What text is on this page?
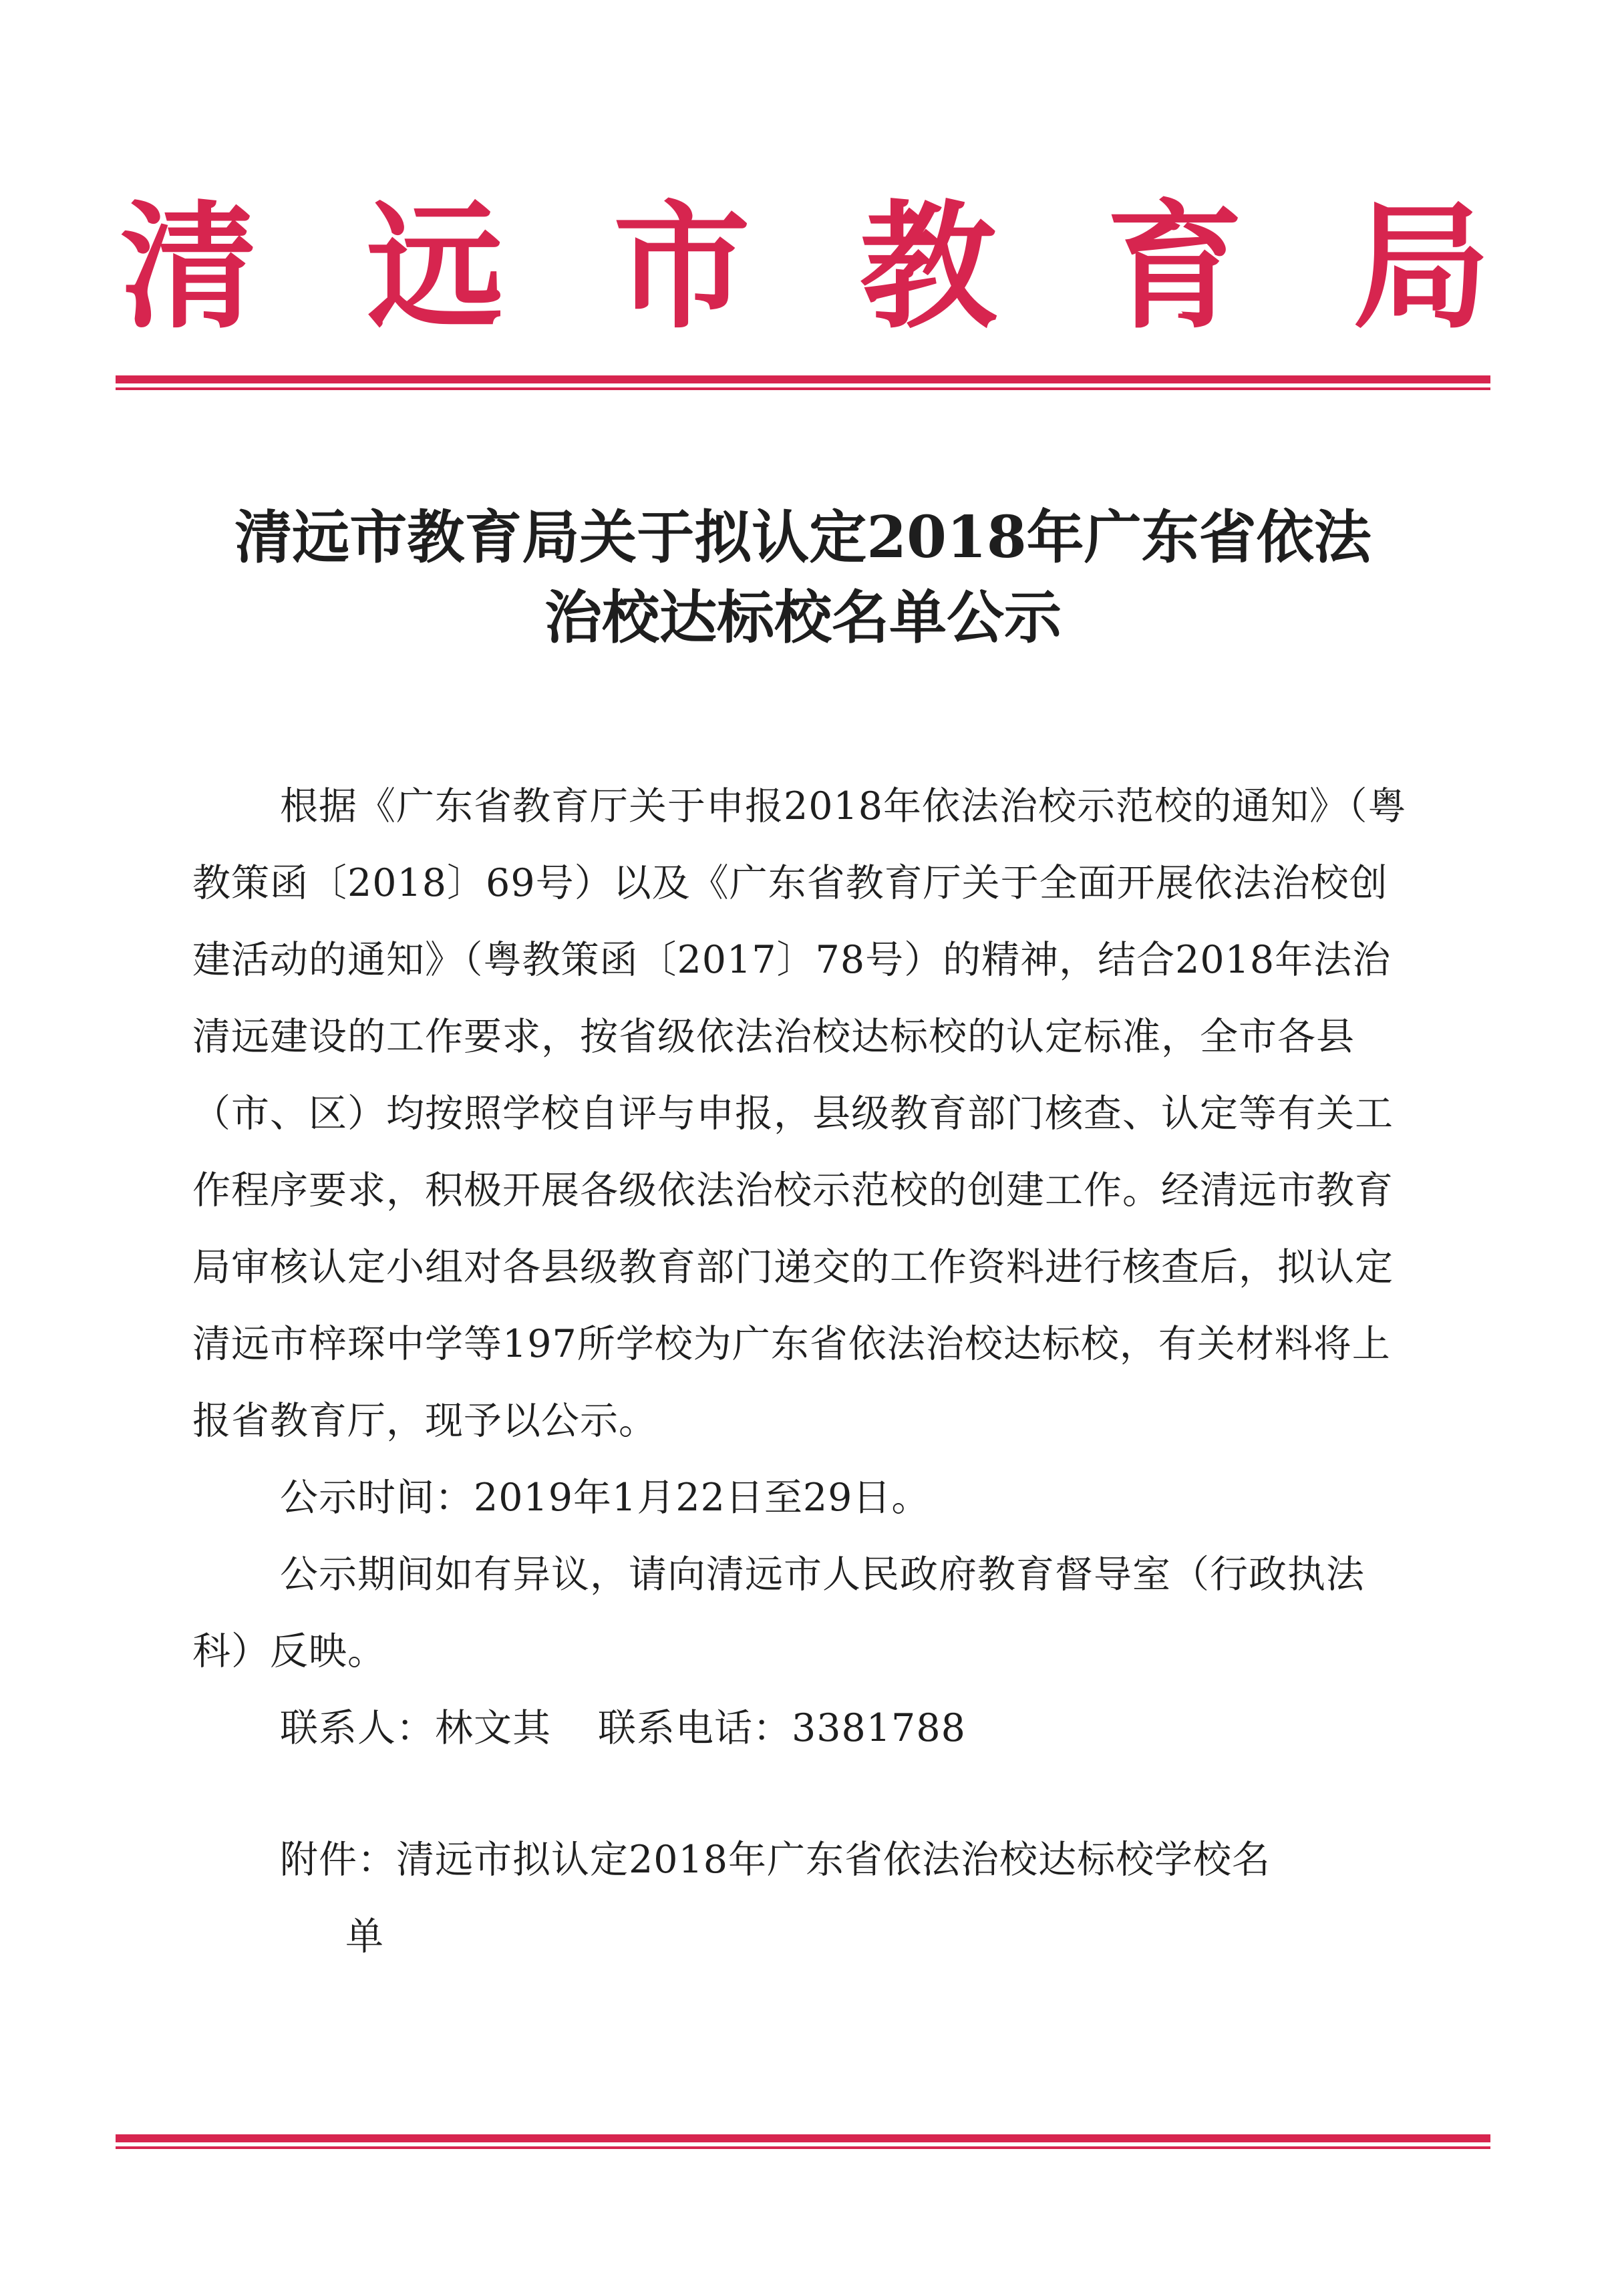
清 远 市 教 育 局
清远市教育局关于拟认定2018年广东省依法
治校达标校名单公示

根据《广东省教育厅关于申报2018年依法治校示范校的通知》（粤教策函〔2018〕69号）以及《广东省教育厅关于全面开展依法治校创建活动的通知》（粤教策函〔2017〕78号）的精神，结合2018年法治清远建设的工作要求，按省级依法治校达标校的认定标准，全市各县（市、区）均按照学校自评与申报，县级教育部门核查、认定等有关工作程序要求，积极开展各级依法治校示范校的创建工作。经清远市教育局审核认定小组对各县级教育部门递交的工作资料进行核查后，拟认定清远市梓琛中学等197所学校为广东省依法治校达标校，有关材料将上报省教育厅，现予以公示。

公示时间：2019年1月22日至29日。

公示期间如有异议，请向清远市人民政府教育督导室（行政执法科）反映。

联系人：林文其 联系电话：3381788

附件：清远市拟认定2018年广东省依法治校达标校学校名

单
